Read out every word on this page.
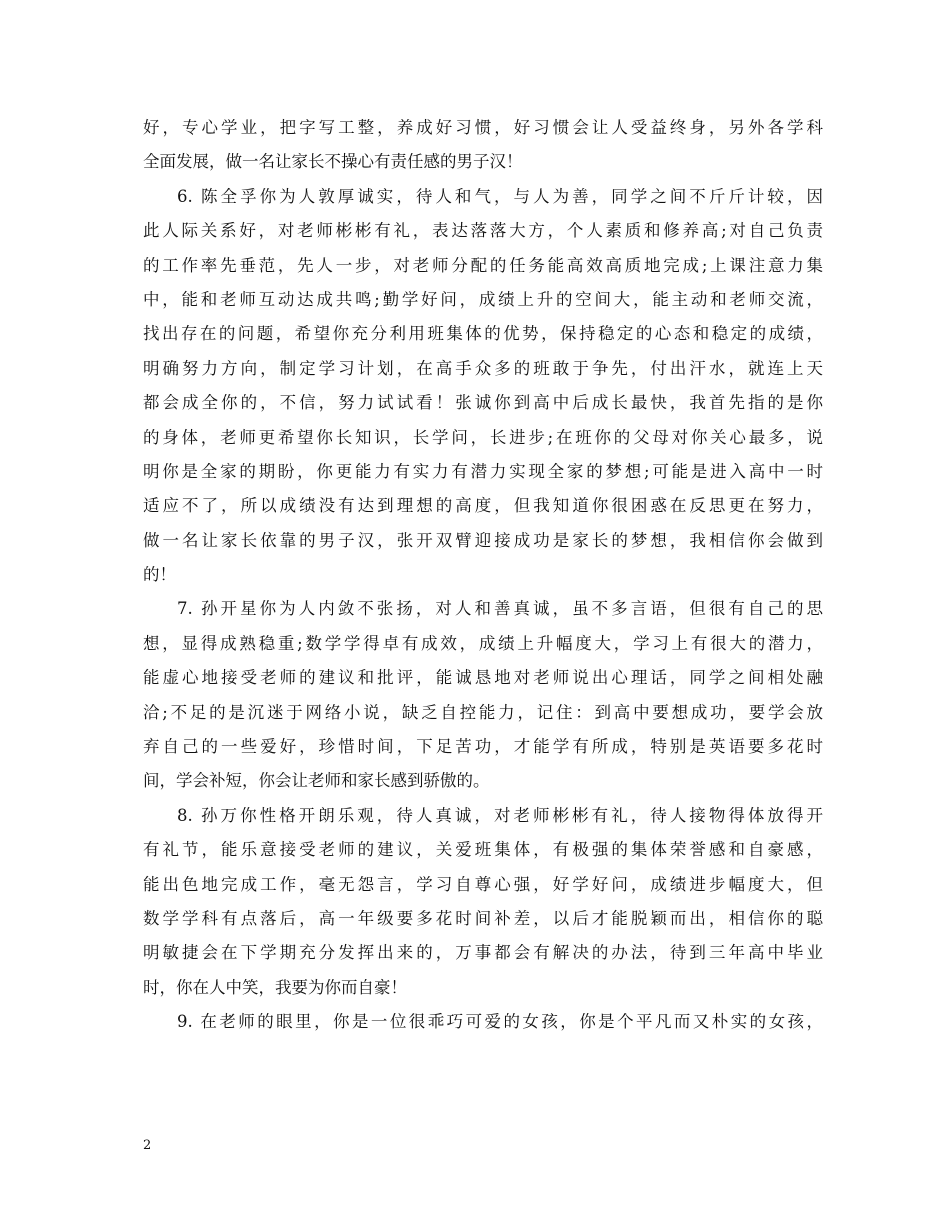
好，专心学业，把字写工整，养成好习惯，好习惯会让人受益终身，另外各学科
全面发展，做一名让家长不操心有责任感的男子汉！
6. 陈全孚你为人敦厚诚实，待人和气，与人为善，同学之间不斤斤计较，因
此人际关系好，对老师彬彬有礼，表达落落大方，个人素质和修养高;对自己负责
的工作率先垂范，先人一步，对老师分配的任务能高效高质地完成;上课注意力集
中，能和老师互动达成共鸣;勤学好问，成绩上升的空间大，能主动和老师交流，
找出存在的问题，希望你充分利用班集体的优势，保持稳定的心态和稳定的成绩，
明确努力方向，制定学习计划，在高手众多的班敢于争先，付出汗水，就连上天
都会成全你的，不信，努力试试看！张诚你到高中后成长最快，我首先指的是你
的身体，老师更希望你长知识，长学问，长进步;在班你的父母对你关心最多，说
明你是全家的期盼，你更能力有实力有潜力实现全家的梦想;可能是进入高中一时
适应不了，所以成绩没有达到理想的高度，但我知道你很困惑在反思更在努力，
做一名让家长依靠的男子汉，张开双臂迎接成功是家长的梦想，我相信你会做到
的！
7. 孙开星你为人内敛不张扬，对人和善真诚，虽不多言语，但很有自己的思
想，显得成熟稳重;数学学得卓有成效，成绩上升幅度大，学习上有很大的潜力，
能虚心地接受老师的建议和批评，能诚恳地对老师说出心理话，同学之间相处融
洽;不足的是沉迷于网络小说，缺乏自控能力，记住：到高中要想成功，要学会放
弃自己的一些爱好，珍惜时间，下足苦功，才能学有所成，特别是英语要多花时
间，学会补短，你会让老师和家长感到骄傲的。
8. 孙万你性格开朗乐观，待人真诚，对老师彬彬有礼，待人接物得体放得开
有礼节，能乐意接受老师的建议，关爱班集体，有极强的集体荣誉感和自豪感，
能出色地完成工作，毫无怨言，学习自尊心强，好学好问，成绩进步幅度大，但
数学学科有点落后，高一年级要多花时间补差，以后才能脱颖而出，相信你的聪
明敏捷会在下学期充分发挥出来的，万事都会有解决的办法，待到三年高中毕业
时，你在人中笑，我要为你而自豪！
9. 在老师的眼里，你是一位很乖巧可爱的女孩，你是个平凡而又朴实的女孩，
2
